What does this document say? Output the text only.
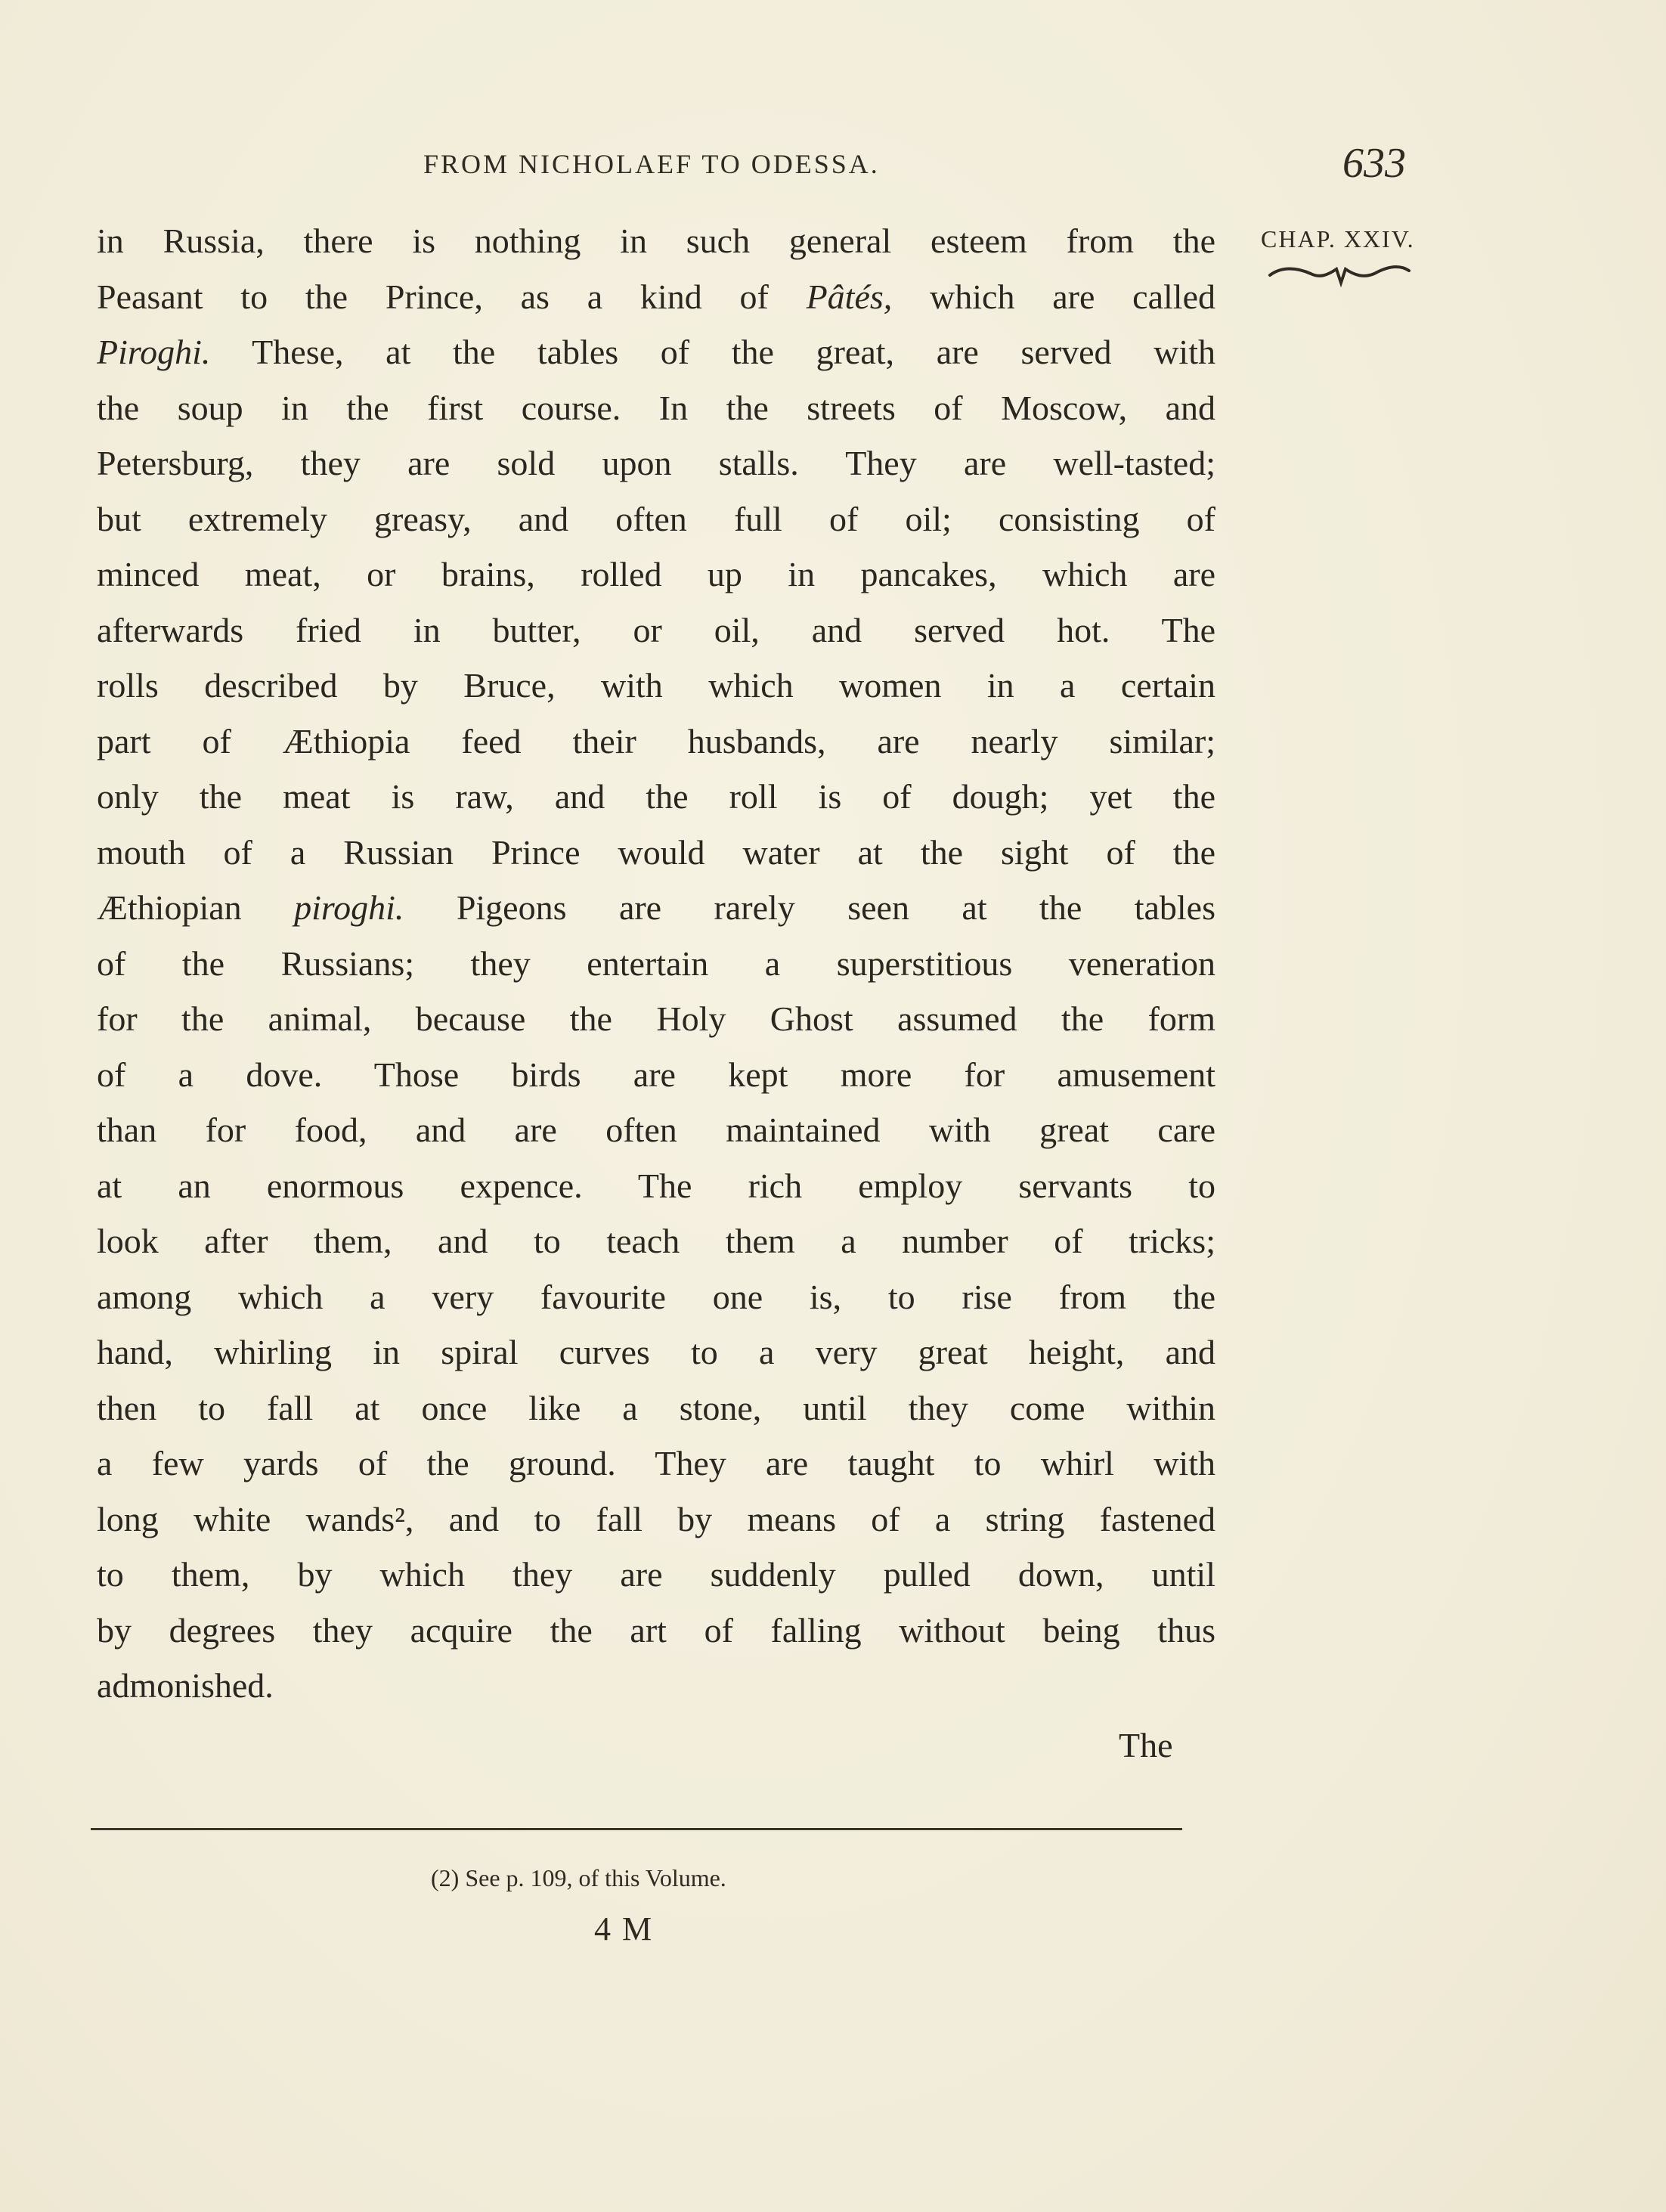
FROM NICHOLAEF TO ODESSA.	633
CHAP. XXIV.
in Russia, there is nothing in such general esteem from the
Peasant to the Prince, as a kind of Pâtés, which are called
Piroghi. These, at the tables of the great, are served with
the soup in the first course. In the streets of Moscow, and
Petersburg, they are sold upon stalls. They are well-tasted;
but extremely greasy, and often full of oil; consisting of
minced meat, or brains, rolled up in pancakes, which are
afterwards fried in butter, or oil, and served hot. The
rolls described by Bruce, with which women in a certain
part of Æthiopia feed their husbands, are nearly similar;
only the meat is raw, and the roll is of dough; yet the
mouth of a Russian Prince would water at the sight of the
Æthiopian piroghi. Pigeons are rarely seen at the tables
of the Russians; they entertain a superstitious veneration
for the animal, because the Holy Ghost assumed the form
of a dove. Those birds are kept more for amusement
than for food, and are often maintained with great care
at an enormous expence. The rich employ servants to
look after them, and to teach them a number of tricks;
among which a very favourite one is, to rise from the
hand, whirling in spiral curves to a very great height, and
then to fall at once like a stone, until they come within
a few yards of the ground. They are taught to whirl with
long white wands², and to fall by means of a string fastened
to them, by which they are suddenly pulled down, until
by degrees they acquire the art of falling without being thus
admonished.
The
(2) See p. 109, of this Volume.
4 M
